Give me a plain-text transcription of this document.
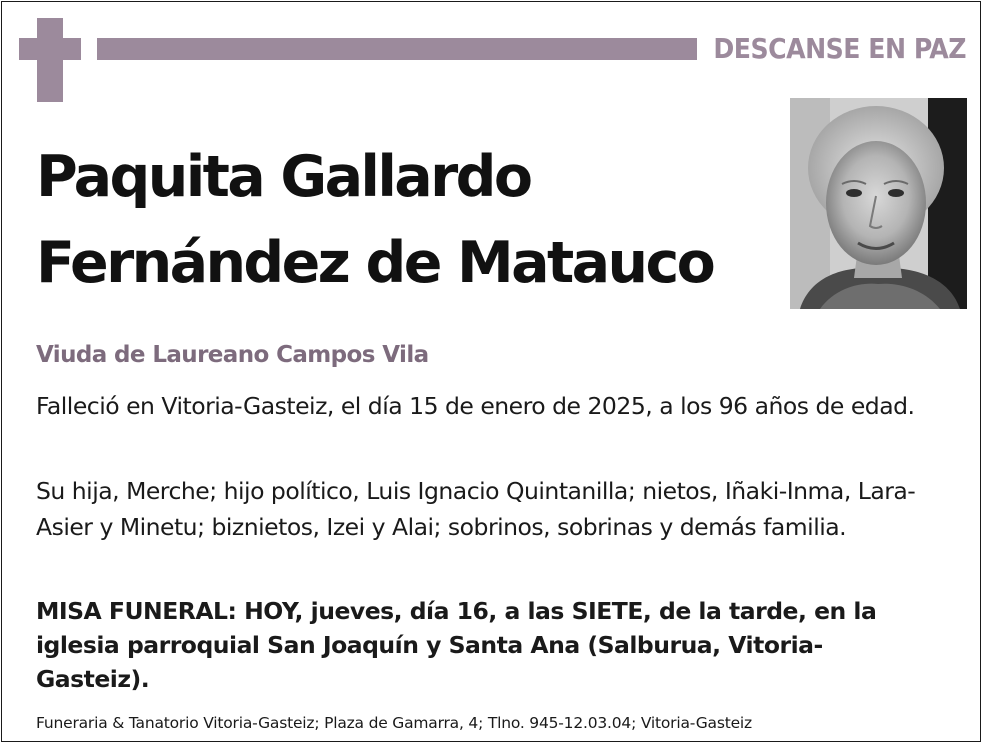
DESCANSE EN PAZ
Paquita Gallardo
Fernández de Matauco
Viuda de Laureano Campos Vila
Falleció en Vitoria-Gasteiz, el día 15 de enero de 2025, a los 96 años de edad.
Su hija, Merche; hijo político, Luis Ignacio Quintanilla; nietos, Iñaki-Inma, Lara-Asier y Minetu; biznietos, Izei y Alai; sobrinos, sobrinas y demás familia.
MISA FUNERAL: HOY, jueves, día 16, a las SIETE, de la tarde, en la iglesia parroquial San Joaquín y Santa Ana (Salburua, Vitoria-Gasteiz).
Funeraria & Tanatorio Vitoria-Gasteiz; Plaza de Gamarra, 4; Tlno. 945-12.03.04; Vitoria-Gasteiz
